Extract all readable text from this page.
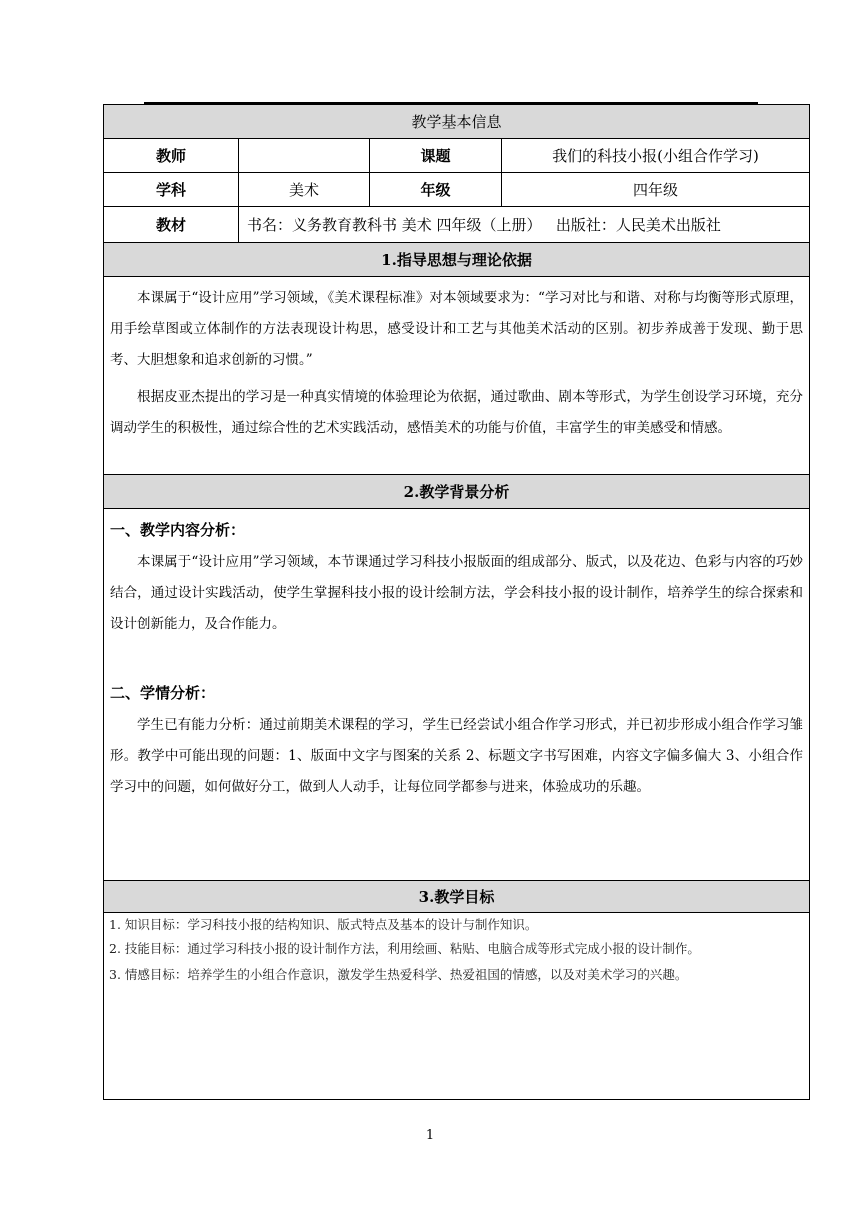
教学基本信息			
教师		课题	我们的科技小报(小组合作学习)
学科	美术	年级	四年级
教材	书名：义务教育教科书 美术 四年级（上册）   出版社：人民美术出版社		
1.指导思想与理论依据			

本课属于“设计应用”学习领域，《美术课程标准》对本领域要求为：“学习对比与和谐、对称与均衡等形式原理，用手绘草图或立体制作的方法表现设计构思，感受设计和工艺与其他美术活动的区别。初步养成善于发现、勤于思考、大胆想象和追求创新的习惯。”

根据皮亚杰提出的学习是一种真实情境的体验理论为依据，通过歌曲、剧本等形式，为学生创设学习环境，充分调动学生的积极性，通过综合性的艺术实践活动，感悟美术的功能与价值，丰富学生的审美感受和情感。			

2.教学背景分析			

一、教学内容分析：

本课属于“设计应用”学习领域，本节课通过学习科技小报版面的组成部分、版式，以及花边、色彩与内容的巧妙结合，通过设计实践活动，使学生掌握科技小报的设计绘制方法，学会科技小报的设计制作，培养学生的综合探索和设计创新能力，及合作能力。

二、学情分析：

学生已有能力分析：通过前期美术课程的学习，学生已经尝试小组合作学习形式，并已初步形成小组合作学习雏形。教学中可能出现的问题：1、版面中文字与图案的关系 2、标题文字书写困难，内容文字偏多偏大 3、小组合作学习中的问题，如何做好分工，做到人人动手，让每位同学都参与进来，体验成功的乐趣。			

3.教学目标			

1. 知识目标：学习科技小报的结构知识、版式特点及基本的设计与制作知识。

2. 技能目标：通过学习科技小报的设计制作方法，利用绘画、粘贴、电脑合成等形式完成小报的设计制作。

3. 情感目标：培养学生的小组合作意识，激发学生热爱科学、热爱祖国的情感，以及对美术学习的兴趣。			

1
